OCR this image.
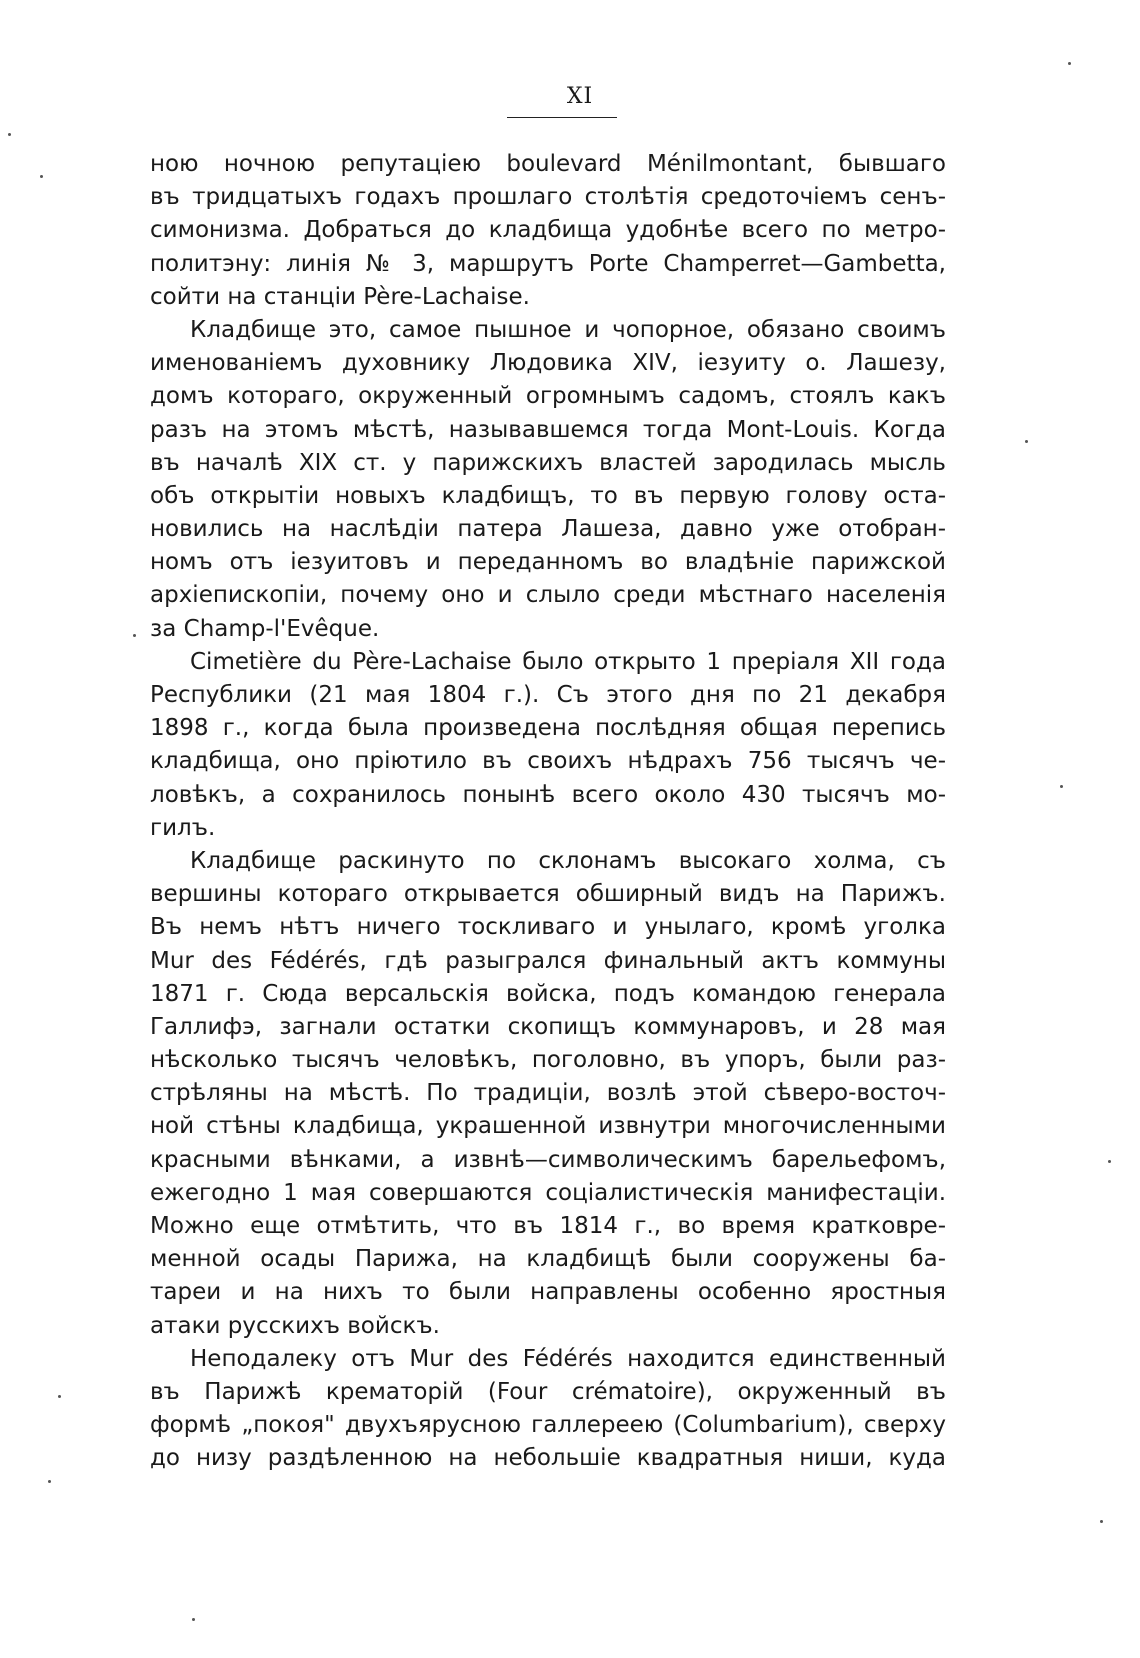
XI
ною ночною репутаціею boulevard Ménilmontant, бывшаго
въ тридцатыхъ годахъ прошлаго столѣтія средоточіемъ сенъ-
симонизма. Добраться до кладбища удобнѣе всего по метро-
политэну: линія № 3, маршрутъ Porte Champerret—Gambetta,
сойти на станціи Père-Lachaise.
Кладбище это, самое пышное и чопорное, обязано своимъ
именованіемъ духовнику Людовика XIV, іезуиту о. Лашезу,
домъ котораго, окруженный огромнымъ садомъ, стоялъ какъ
разъ на этомъ мѣстѣ, называвшемся тогда Mont-Louis. Когда
въ началѣ XIX ст. у парижскихъ властей зародилась мысль
объ открытіи новыхъ кладбищъ, то въ первую голову оста-
новились на наслѣдіи патера Лашеза, давно уже отобран-
номъ отъ іезуитовъ и переданномъ во владѣніе парижской
архіепископіи, почему оно и слыло среди мѣстнаго населенія
за Champ-l'Evêque.
Cimetière du Père-Lachaise было открыто 1 преріаля XII года
Республики (21 мая 1804 г.). Съ этого дня по 21 декабря
1898 г., когда была произведена послѣдняя общая перепись
кладбища, оно пріютило въ своихъ нѣдрахъ 756 тысячъ че-
ловѣкъ, а сохранилось понынѣ всего около 430 тысячъ мо-
гилъ.
Кладбище раскинуто по склонамъ высокаго холма, съ
вершины котораго открывается обширный видъ на Парижъ.
Въ немъ нѣтъ ничего тоскливаго и унылаго, кромѣ уголка
Mur des Fédérés, гдѣ разыгрался финальный актъ коммуны
1871 г. Сюда версальскія войска, подъ командою генерала
Галлифэ, загнали остатки скопищъ коммунаровъ, и 28 мая
нѣсколько тысячъ человѣкъ, поголовно, въ упоръ, были раз-
стрѣляны на мѣстѣ. По традиціи, возлѣ этой сѣверо-восточ-
ной стѣны кладбища, украшенной извнутри многочисленными
красными вѣнками, а извнѣ—символическимъ барельефомъ,
ежегодно 1 мая совершаются соціалистическія манифестаціи.
Можно еще отмѣтить, что въ 1814 г., во время кратковре-
менной осады Парижа, на кладбищѣ были сооружены ба-
тареи и на нихъ то были направлены особенно яростныя
атаки русскихъ войскъ.
Неподалеку отъ Mur des Fédérés находится единственный
въ Парижѣ крематорій (Four crématoire), окруженный въ
формѣ „покоя" двухъярусною галлереею (Columbarium), сверху
до низу раздѣленною на небольшіе квадратныя ниши, куда
